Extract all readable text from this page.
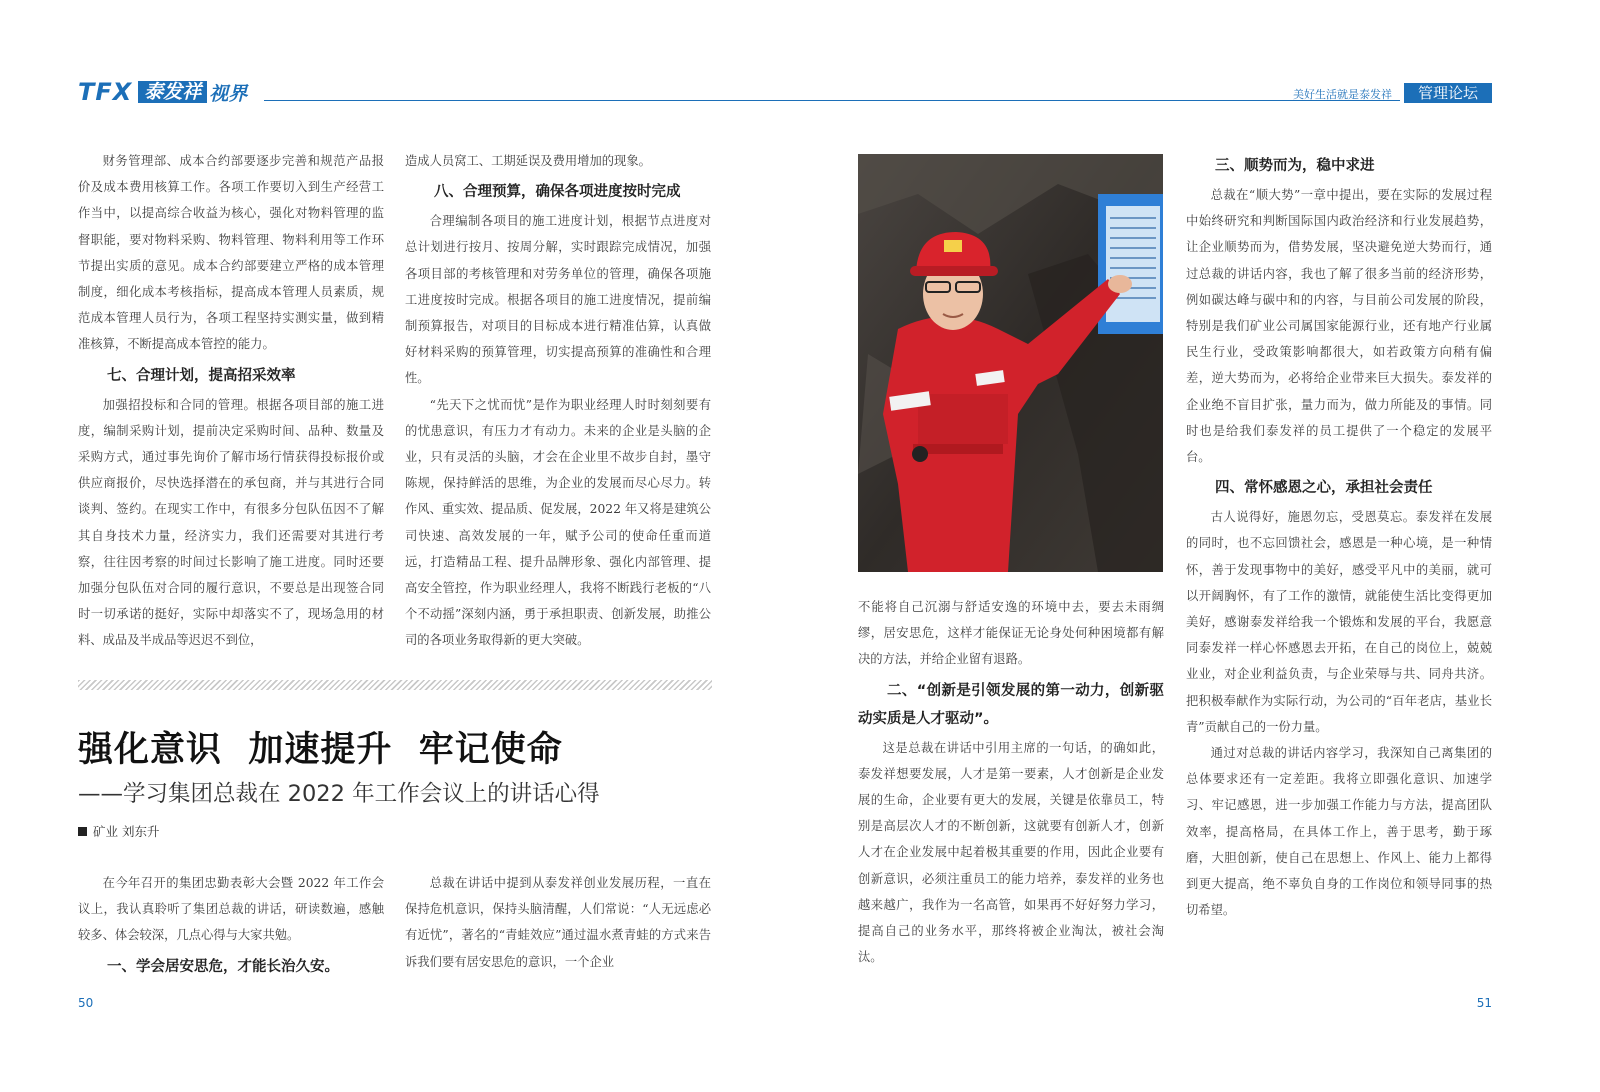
TFX 泰发祥 视界	美好生活就是泰发祥	管理论坛

财务管理部、成本合约部要逐步完善和规范产品报价及成本费用核算工作。各项工作要切入到生产经营工作当中，以提高综合收益为核心，强化对物料管理的监督职能，要对物料采购、物料管理、物料利用等工作环节提出实质的意见。成本合约部要建立严格的成本管理制度，细化成本考核指标，提高成本管理人员素质，规范成本管理人员行为，各项工程坚持实测实量，做到精准核算，不断提高成本管控的能力。

七、合理计划，提高招采效率

加强招投标和合同的管理。根据各项目部的施工进度，编制采购计划，提前决定采购时间、品种、数量及采购方式，通过事先询价了解市场行情获得投标报价或供应商报价，尽快选择潜在的承包商，并与其进行合同谈判、签约。在现实工作中，有很多分包队伍因不了解其自身技术力量，经济实力，我们还需要对其进行考察，往往因考察的时间过长影响了施工进度。同时还要加强分包队伍对合同的履行意识，不要总是出现签合同时一切承诺的挺好，实际中却落实不了，现场急用的材料、成品及半成品等迟迟不到位，

造成人员窝工、工期延误及费用增加的现象。

八、合理预算，确保各项进度按时完成

合理编制各项目的施工进度计划，根据节点进度对总计划进行按月、按周分解，实时跟踪完成情况，加强各项目部的考核管理和对劳务单位的管理，确保各项施工进度按时完成。根据各项目的施工进度情况，提前编制预算报告，对项目的目标成本进行精准估算，认真做好材料采购的预算管理，切实提高预算的准确性和合理性。

“先天下之忧而忧”是作为职业经理人时时刻刻要有的忧患意识，有压力才有动力。未来的企业是头脑的企业，只有灵活的头脑，才会在企业里不故步自封，墨守陈规，保持鲜活的思维，为企业的发展而尽心尽力。转作风、重实效、提品质、促发展，2022 年又将是建筑公司快速、高效发展的一年，赋予公司的使命任重而道远，打造精品工程、提升品牌形象、强化内部管理、提高安全管控，作为职业经理人，我将不断践行老板的“八个不动摇”深刻内涵，勇于承担职责、创新发展，助推公司的各项业务取得新的更大突破。

强化意识  加速提升  牢记使命
——学习集团总裁在 2022 年工作会议上的讲话心得
矿业 刘东升

在今年召开的集团忠勤表彰大会暨 2022 年工作会议上，我认真聆听了集团总裁的讲话，研读数遍，感触较多、体会较深，几点心得与大家共勉。

一、学会居安思危，才能长治久安。

总裁在讲话中提到从泰发祥创业发展历程，一直在保持危机意识，保持头脑清醒，人们常说：“人无远虑必有近忧”，著名的“青蛙效应”通过温水煮青蛙的方式来告诉我们要有居安思危的意识，一个企业

不能将自己沉溺与舒适安逸的环境中去，要去未雨绸缪，居安思危，这样才能保证无论身处何种困境都有解决的方法，并给企业留有退路。

二、“创新是引领发展的第一动力，创新驱动实质是人才驱动”。

这是总裁在讲话中引用主席的一句话，的确如此，泰发祥想要发展，人才是第一要素，人才创新是企业发展的生命，企业要有更大的发展，关键是依靠员工，特别是高层次人才的不断创新，这就要有创新人才，创新人才在企业发展中起着极其重要的作用，因此企业要有创新意识，必须注重员工的能力培养，泰发祥的业务也越来越广，我作为一名高管，如果再不好好努力学习，提高自己的业务水平，那终将被企业淘汰，被社会淘汰。

三、顺势而为，稳中求进

总裁在“顺大势”一章中提出，要在实际的发展过程中始终研究和判断国际国内政治经济和行业发展趋势，让企业顺势而为，借势发展，坚决避免逆大势而行，通过总裁的讲话内容，我也了解了很多当前的经济形势，例如碳达峰与碳中和的内容，与目前公司发展的阶段，特别是我们矿业公司属国家能源行业，还有地产行业属民生行业，受政策影响都很大，如若政策方向稍有偏差，逆大势而为，必将给企业带来巨大损失。泰发祥的企业绝不盲目扩张，量力而为，做力所能及的事情。同时也是给我们泰发祥的员工提供了一个稳定的发展平台。

四、常怀感恩之心，承担社会责任

古人说得好，施恩勿忘，受恩莫忘。泰发祥在发展的同时，也不忘回馈社会，感恩是一种心境，是一种情怀，善于发现事物中的美好，感受平凡中的美丽，就可以开阔胸怀，有了工作的激情，就能使生活比变得更加美好，感谢泰发祥给我一个锻炼和发展的平台，我愿意同泰发祥一样心怀感恩去开拓，在自己的岗位上，兢兢业业，对企业利益负责，与企业荣辱与共、同舟共济。把积极奉献作为实际行动，为公司的“百年老店，基业长青”贡献自己的一份力量。

通过对总裁的讲话内容学习，我深知自己离集团的总体要求还有一定差距。我将立即强化意识、加速学习、牢记感恩，进一步加强工作能力与方法，提高团队效率，提高格局，在具体工作上，善于思考，勤于琢磨，大胆创新，使自己在思想上、作风上、能力上都得到更大提高，绝不辜负自身的工作岗位和领导同事的热切希望。

50	51
